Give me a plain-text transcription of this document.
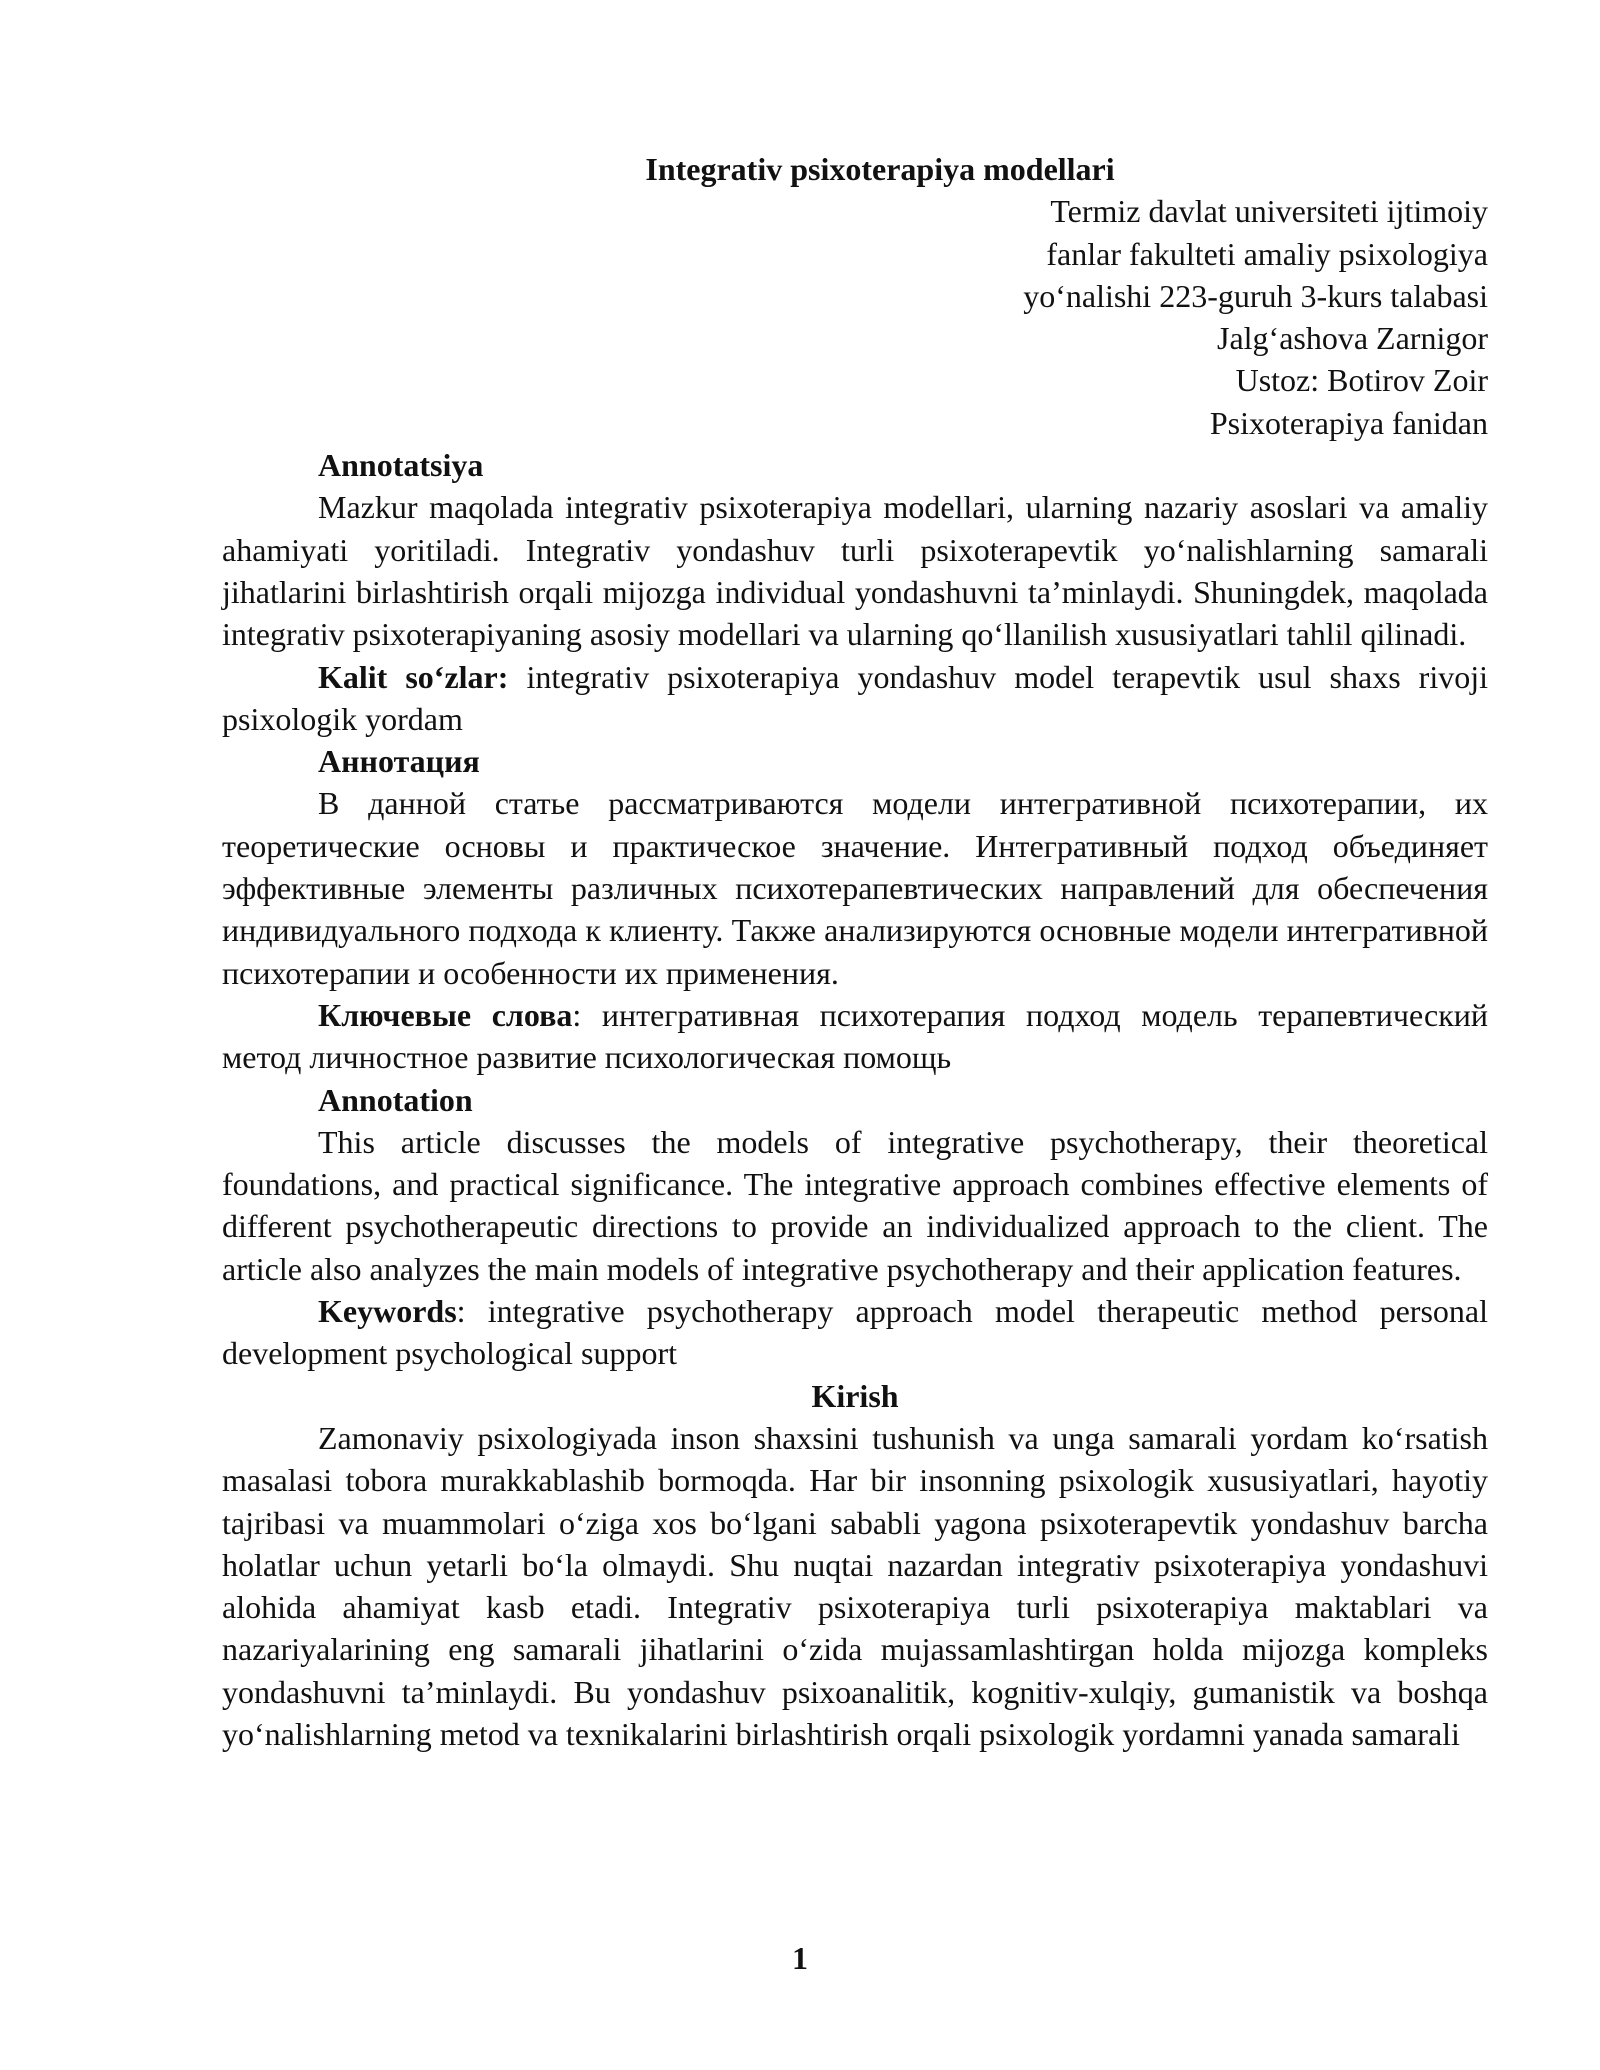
Integrativ psixoterapiya modellari

Termiz davlat universiteti ijtimoiy

fanlar fakulteti amaliy psixologiya

yo‘nalishi 223-guruh 3-kurs talabasi

Jalg‘ashova Zarnigor

Ustoz: Botirov Zoir

Psixoterapiya fanidan

Annotatsiya

Mazkur maqolada integrativ psixoterapiya modellari, ularning nazariy asoslari va amaliy ahamiyati yoritiladi. Integrativ yondashuv turli psixoterapevtik yo‘nalishlarning samarali jihatlarini birlashtirish orqali mijozga individual yondashuvni ta’minlaydi. Shuningdek, maqolada integrativ psixoterapiyaning asosiy modellari va ularning qo‘llanilish xususiyatlari tahlil qilinadi.

Kalit so‘zlar: integrativ psixoterapiya yondashuv model terapevtik usul shaxs rivoji psixologik yordam

Аннотация

В данной статье рассматриваются модели интегративной психотерапии, их теоретические основы и практическое значение. Интегративный подход объединяет эффективные элементы различных психотерапевтических направлений для обеспечения индивидуального подхода к клиенту. Также анализируются основные модели интегративной психотерапии и особенности их применения.

Ключевые слова: интегративная психотерапия подход модель терапевтический метод личностное развитие психологическая помощь

Annotation

This article discusses the models of integrative psychotherapy, their theoretical foundations, and practical significance. The integrative approach combines effective elements of different psychotherapeutic directions to provide an individualized approach to the client. The article also analyzes the main models of integrative psychotherapy and their application features.

Keywords: integrative psychotherapy approach model therapeutic method personal development psychological support

Kirish

Zamonaviy psixologiyada inson shaxsini tushunish va unga samarali yordam ko‘rsatish masalasi tobora murakkablashib bormoqda. Har bir insonning psixologik xususiyatlari, hayotiy tajribasi va muammolari o‘ziga xos bo‘lgani sababli yagona psixoterapevtik yondashuv barcha holatlar uchun yetarli bo‘la olmaydi. Shu nuqtai nazardan integrativ psixoterapiya yondashuvi alohida ahamiyat kasb etadi. Integrativ psixoterapiya turli psixoterapiya maktablari va nazariyalarining eng samarali jihatlarini o‘zida mujassamlashtirgan holda mijozga kompleks yondashuvni ta’minlaydi. Bu yondashuv psixoanalitik, kognitiv-xulqiy, gumanistik va boshqa yo‘nalishlarning metod va texnikalarini birlashtirish orqali psixologik yordamni yanada samarali

1
